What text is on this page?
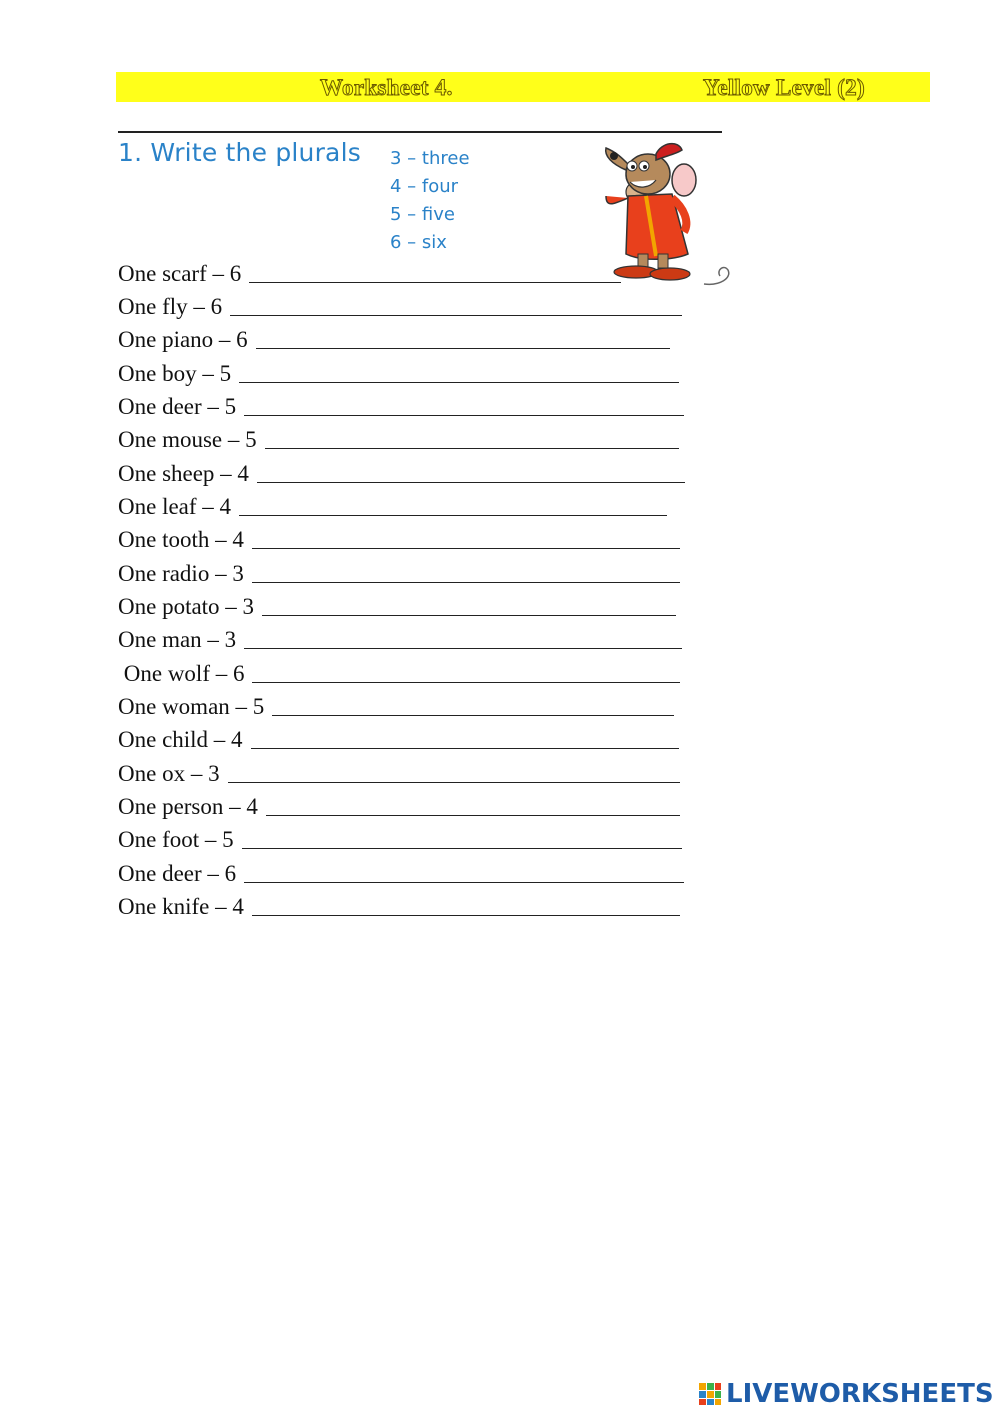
Worksheet 4.	Yellow Level (2)
1. Write the plurals 3 – three
4 – four
5 – five
6 – six
One scarf – 6
One fly – 6
One piano – 6
One boy – 5
One deer – 5
One mouse – 5
One sheep – 4
One leaf – 4
One tooth – 4
One radio – 3
One potato – 3
One man – 3
One wolf – 6
One woman – 5
One child – 4
One ox – 3
One person – 4
One foot – 5
One deer – 6
One knife – 4
LIVEWORKSHEETS
